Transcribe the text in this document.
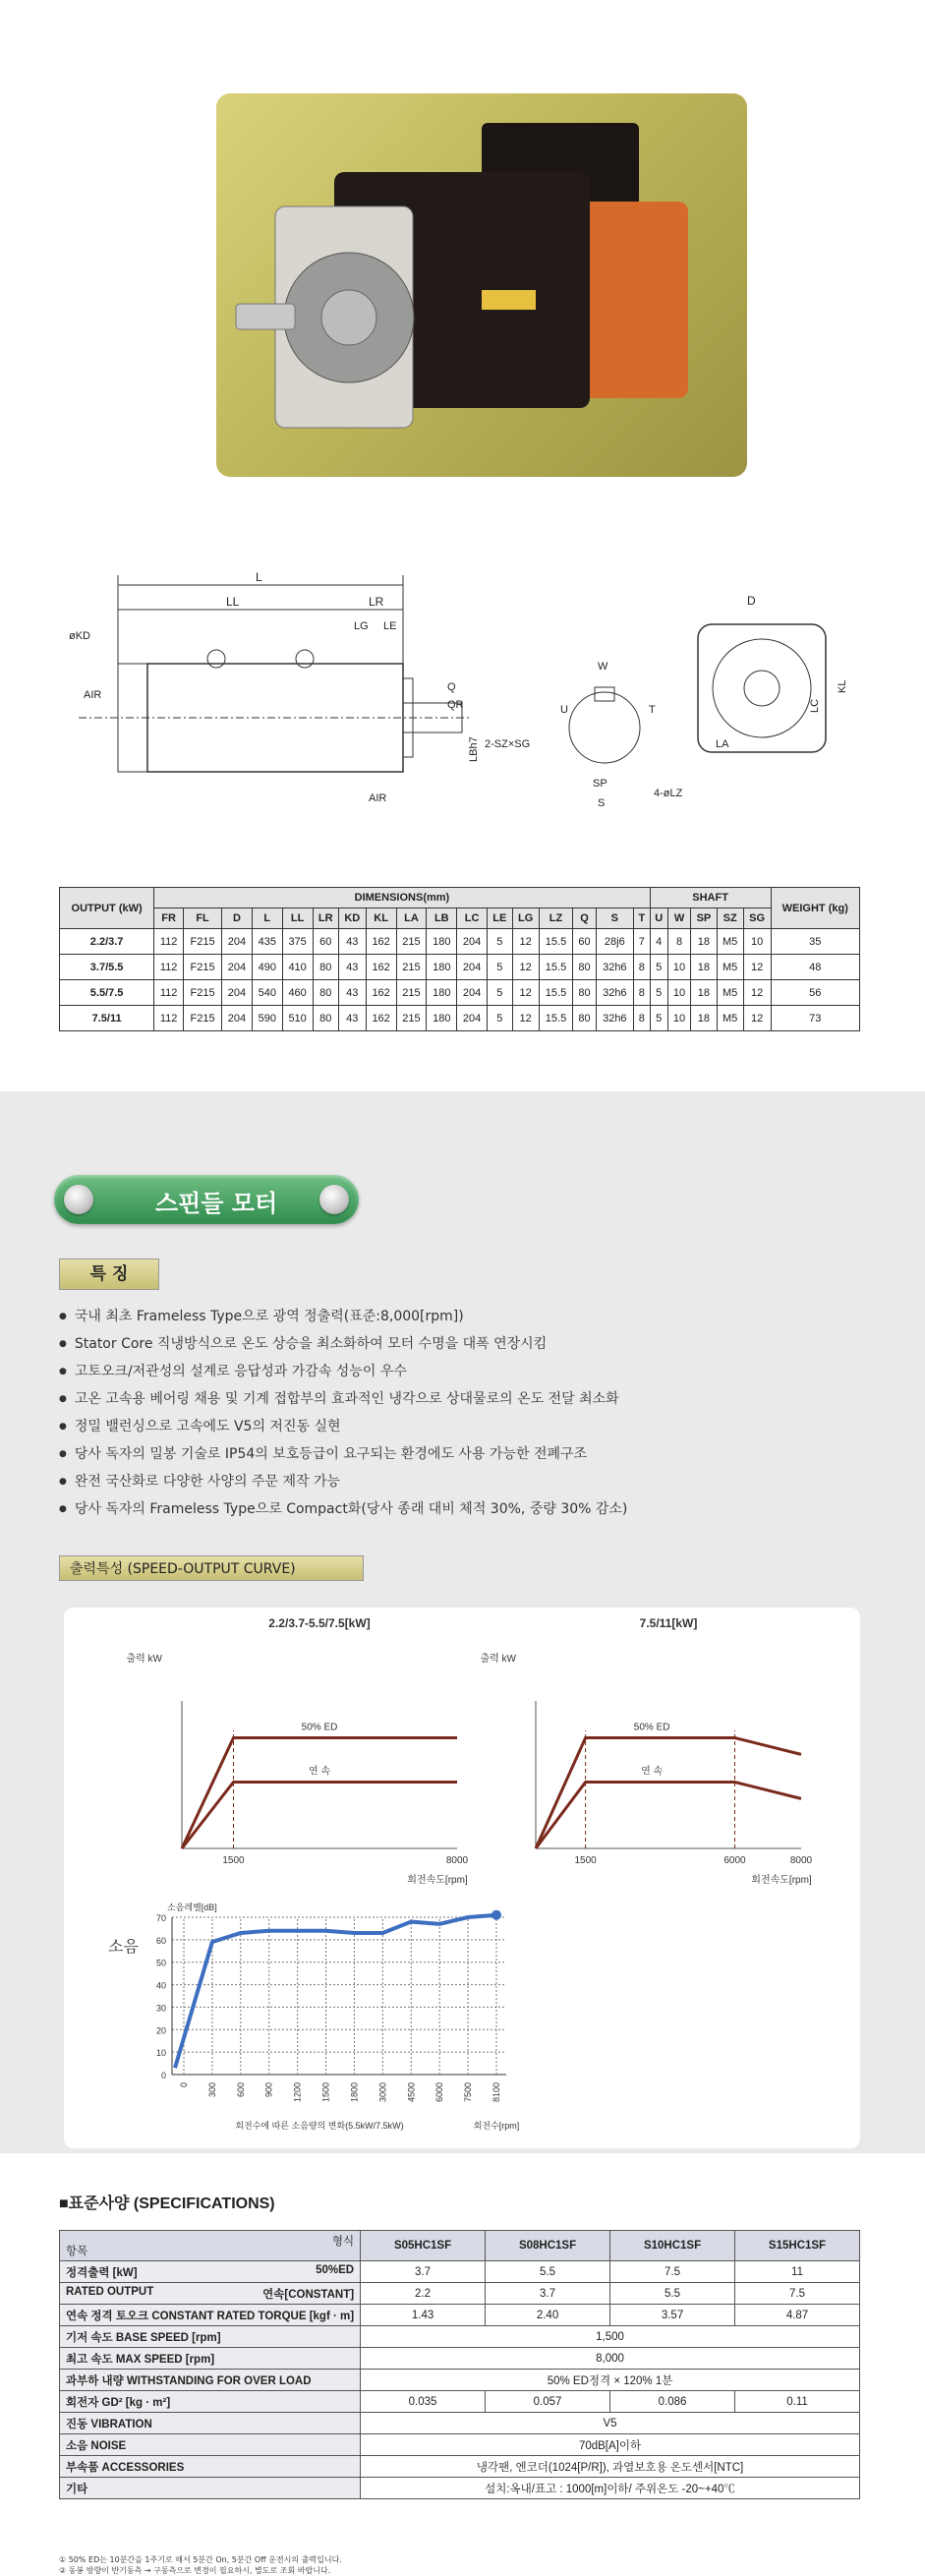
L
LL	LR
LG LE
øKD
AIR
AIR
Q
QR
LBh7
W
U	T
2-SZ×SG
SP
S
D
KL
LC
LA
4-øLZ
OUTPUT (kW)	DIMENSIONS(mm)																	SHAFT					WEIGHT (kg)
	FR	FL	D	L	LL	LR	KD	KL	LA	LB	LC	LE	LG	LZ	Q	S	T	U	W	SP	SZ	SG	
2.2/3.7	112	F215	204	435	375	60	43	162	215	180	204	5	12	15.5	60	28j6	7	4	8	18	M5	10	35
3.7/5.5	112	F215	204	490	410	80	43	162	215	180	204	5	12	15.5	80	32h6	8	5	10	18	M5	12	48
5.5/7.5	112	F215	204	540	460	80	43	162	215	180	204	5	12	15.5	80	32h6	8	5	10	18	M5	12	56
7.5/11	112	F215	204	590	510	80	43	162	215	180	204	5	12	15.5	80	32h6	8	5	10	18	M5	12	73
스핀들 모터
특 징
● 국내 최초 Frameless Type으로 광역 정출력(표준:8,000[rpm])
● Stator Core 직냉방식으로 온도 상승을 최소화하여 모터 수명을 대폭 연장시킴
● 고토오크/저관성의 설계로 응답성과 가감속 성능이 우수
● 고온 고속용 베어링 채용 및 기계 접합부의 효과적인 냉각으로 상대물로의 온도 전달 최소화
● 정밀 밸런싱으로 고속에도 V5의 저진동 실현
● 당사 독자의 밀봉 기술로 IP54의 보호등급이 요구되는 환경에도 사용 가능한 전폐구조
● 완전 국산화로 다양한 사양의 주문 제작 가능
● 당사 독자의 Frameless Type으로 Compact화(당사 종래 대비 체적 30%, 중량 30% 감소)
출력특성 (SPEED-OUTPUT CURVE)
2.2/3.7-5.5/7.5[kW]
출력 kW
회전속도[rpm]
1500	8000
50% ED
연 속
7.5/11[kW]
출력 kW
회전속도[rpm]
1500	6000	8000
50% ED
연 속
소음레벨[dB]
소음
0
10
20
30
40
50
60
70
0 300 600 900 1200 1500 1800 3000 4500 6000 7500 8100
회전수에 따른 소음량의 변화(5.5kW/7.5kW)	회전수[rpm]
■표준사양 (SPECIFICATIONS)
형식
항목	S05HC1SF	S08HC1SF	S10HC1SF	S15HC1SF
정격출력 [kW] 50%ED	3.7	5.5	7.5	11
RATED OUTPUT 연속[CONSTANT]	2.2	3.7	5.5	7.5
연속 정격 토오크 CONSTANT RATED TORQUE [kgf · m]	1.43	2.40	3.57	4.87
기저 속도 BASE SPEED [rpm]	1,500			
최고 속도 MAX SPEED [rpm]	8,000			
과부하 내량 WITHSTANDING FOR OVER LOAD	50% ED정격 × 120% 1분			
회전자 GD² [kg · m²]	0.035	0.057	0.086	0.11
진동 VIBRATION	V5			
소음 NOISE	70dB[A]이하			
부속품 ACCESSORIES	냉각팬, 엔코더(1024[P/R]), 과열보호용 온도센서[NTC]			
기타	설치:옥내/표고 : 1000[m]이하/ 주위온도 -20~+40℃			
① 50% ED는 10분간을 1주기로 해서 5분간 On, 5분간 Off 운전시의 출력입니다.
② 동봉 방향이 반기동측 → 구동측으로 변경이 필요하시, 별도로 조회 바랍니다.
